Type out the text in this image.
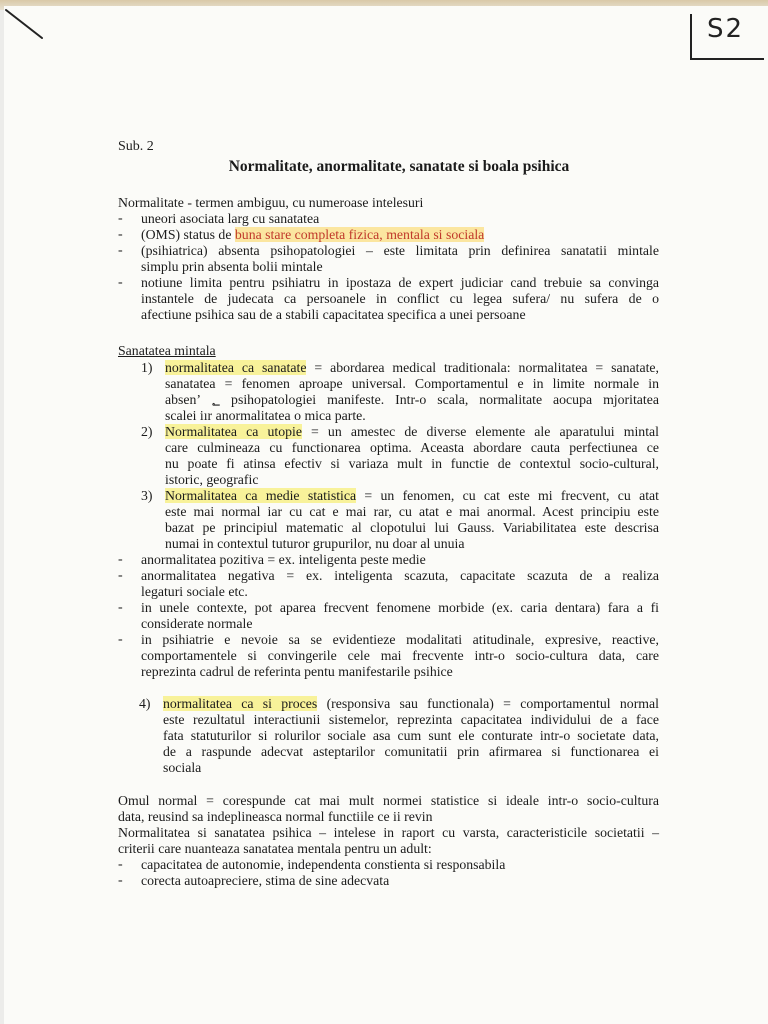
S2
Sub. 2
Normalitate, anormalitate, sanatate si boala psihica
Normalitate - termen ambiguu, cu numeroase intelesuri
- uneori asociata larg cu sanatatea
- (OMS) status de buna stare completa fizica, mentala si sociala
- (psihiatrica) absenta psihopatologiei – este limitata prin definirea sanatatii mintale
simplu prin absenta bolii mintale
- notiune limita pentru psihiatru in ipostaza de expert judiciar cand trebuie sa convinga
instantele de judecata ca persoanele in conflict cu legea sufera/ nu sufera de o
afectiune psihica sau de a stabili capacitatea specifica a unei persoane
Sanatatea mintala
1) normalitatea ca sanatate = abordarea medical traditionala: normalitatea = sanatate,
sanatatea = fenomen aproape universal. Comportamentul e in limite normale in
absenʼ ؂ psihopatologiei manifeste. Intr-o scala, normalitate aocupa mjoritatea
scalei iır anormalitatea o mica parte.
2) Normalitatea ca utopie = un amestec de diverse elemente ale aparatului mintal
care culmineaza cu functionarea optima. Aceasta abordare cauta perfectiunea ce
nu poate fi atinsa efectiv si variaza mult in functie de contextul socio-cultural,
istoric, geografic
3) Normalitatea ca medie statistica = un fenomen, cu cat este mi frecvent, cu atat
este mai normal iar cu cat e mai rar, cu atat e mai anormal. Acest principiu este
bazat pe principiul matematic al clopotului lui Gauss. Variabilitatea este descrisa
numai in contextul tuturor grupurilor, nu doar al unuia
- anormalitatea pozitiva = ex. inteligenta peste medie
- anormalitatea negativa = ex. inteligenta scazuta, capacitate scazuta de a realiza
legaturi sociale etc.
- in unele contexte, pot aparea frecvent fenomene morbide (ex. caria dentara) fara a fi
considerate normale
- in psihiatrie e nevoie sa se evidentieze modalitati atitudinale, expresive, reactive,
comportamentele si convingerile cele mai frecvente intr-o socio-cultura data, care
reprezinta cadrul de referinta pentu manifestarile psihice
4) normalitatea ca si proces (responsiva sau functionala) = comportamentul normal
este rezultatul interactiunii sistemelor, reprezinta capacitatea individului de a face
fata statuturilor si rolurilor sociale asa cum sunt ele conturate intr-o societate data,
de a raspunde adecvat asteptarilor comunitatii prin afirmarea si functionarea ei
sociala
Omul normal = corespunde cat mai mult normei statistice si ideale intr-o socio-cultura
data, reusind sa indeplineasca normal functiile ce ii revin
Normalitatea si sanatatea psihica – intelese in raport cu varsta, caracteristicile societatii –
criterii care nuanteaza sanatatea mentala pentru un adult:
- capacitatea de autonomie, independenta constienta si responsabila
- corecta autoapreciere, stima de sine adecvata
